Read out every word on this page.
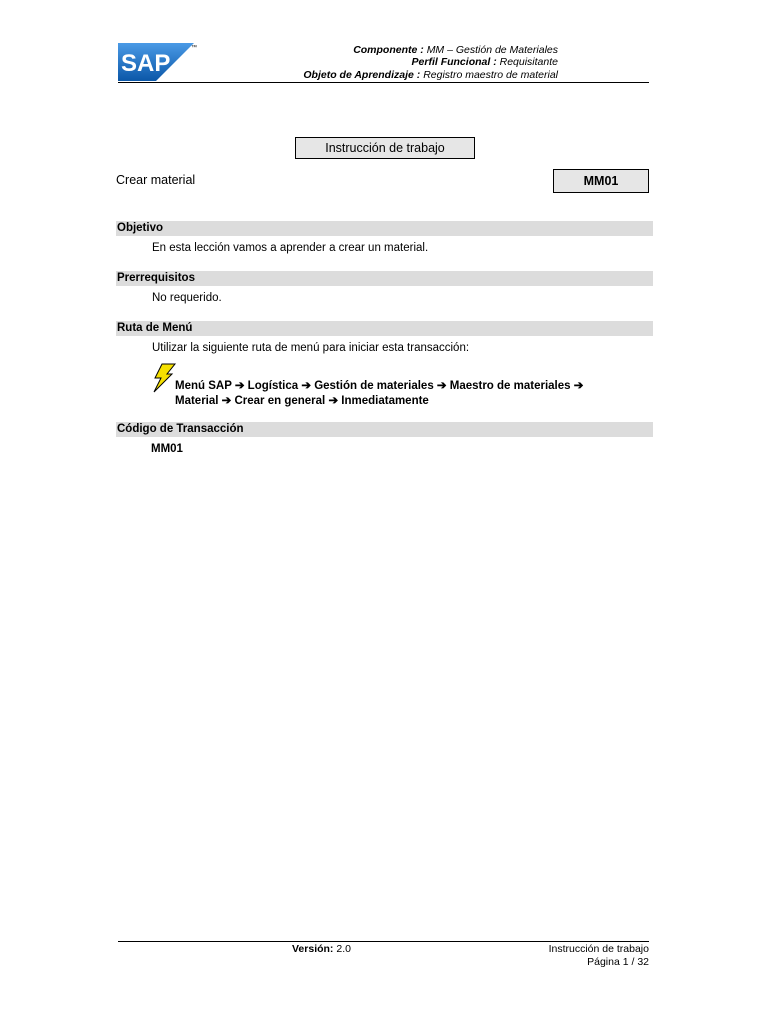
SAP
™	Componente : MM – Gestión de Materiales
Perfil Funcional : Requisitante
Objeto de Aprendizaje : Registro maestro de material
Instrucción de trabajo
Crear material	MM01
Objetivo
En esta lección vamos a aprender a crear un material.
Prerrequisitos
No requerido.
Ruta de Menú
Utilizar la siguiente ruta de menú para iniciar esta transacción:
Menú SAP ➔ Logística ➔ Gestión de materiales ➔ Maestro de materiales ➔
Material ➔ Crear en general ➔ Inmediatamente
Código de Transacción
MM01
Versión: 2.0	Instrucción de trabajo
Página 1 / 32
